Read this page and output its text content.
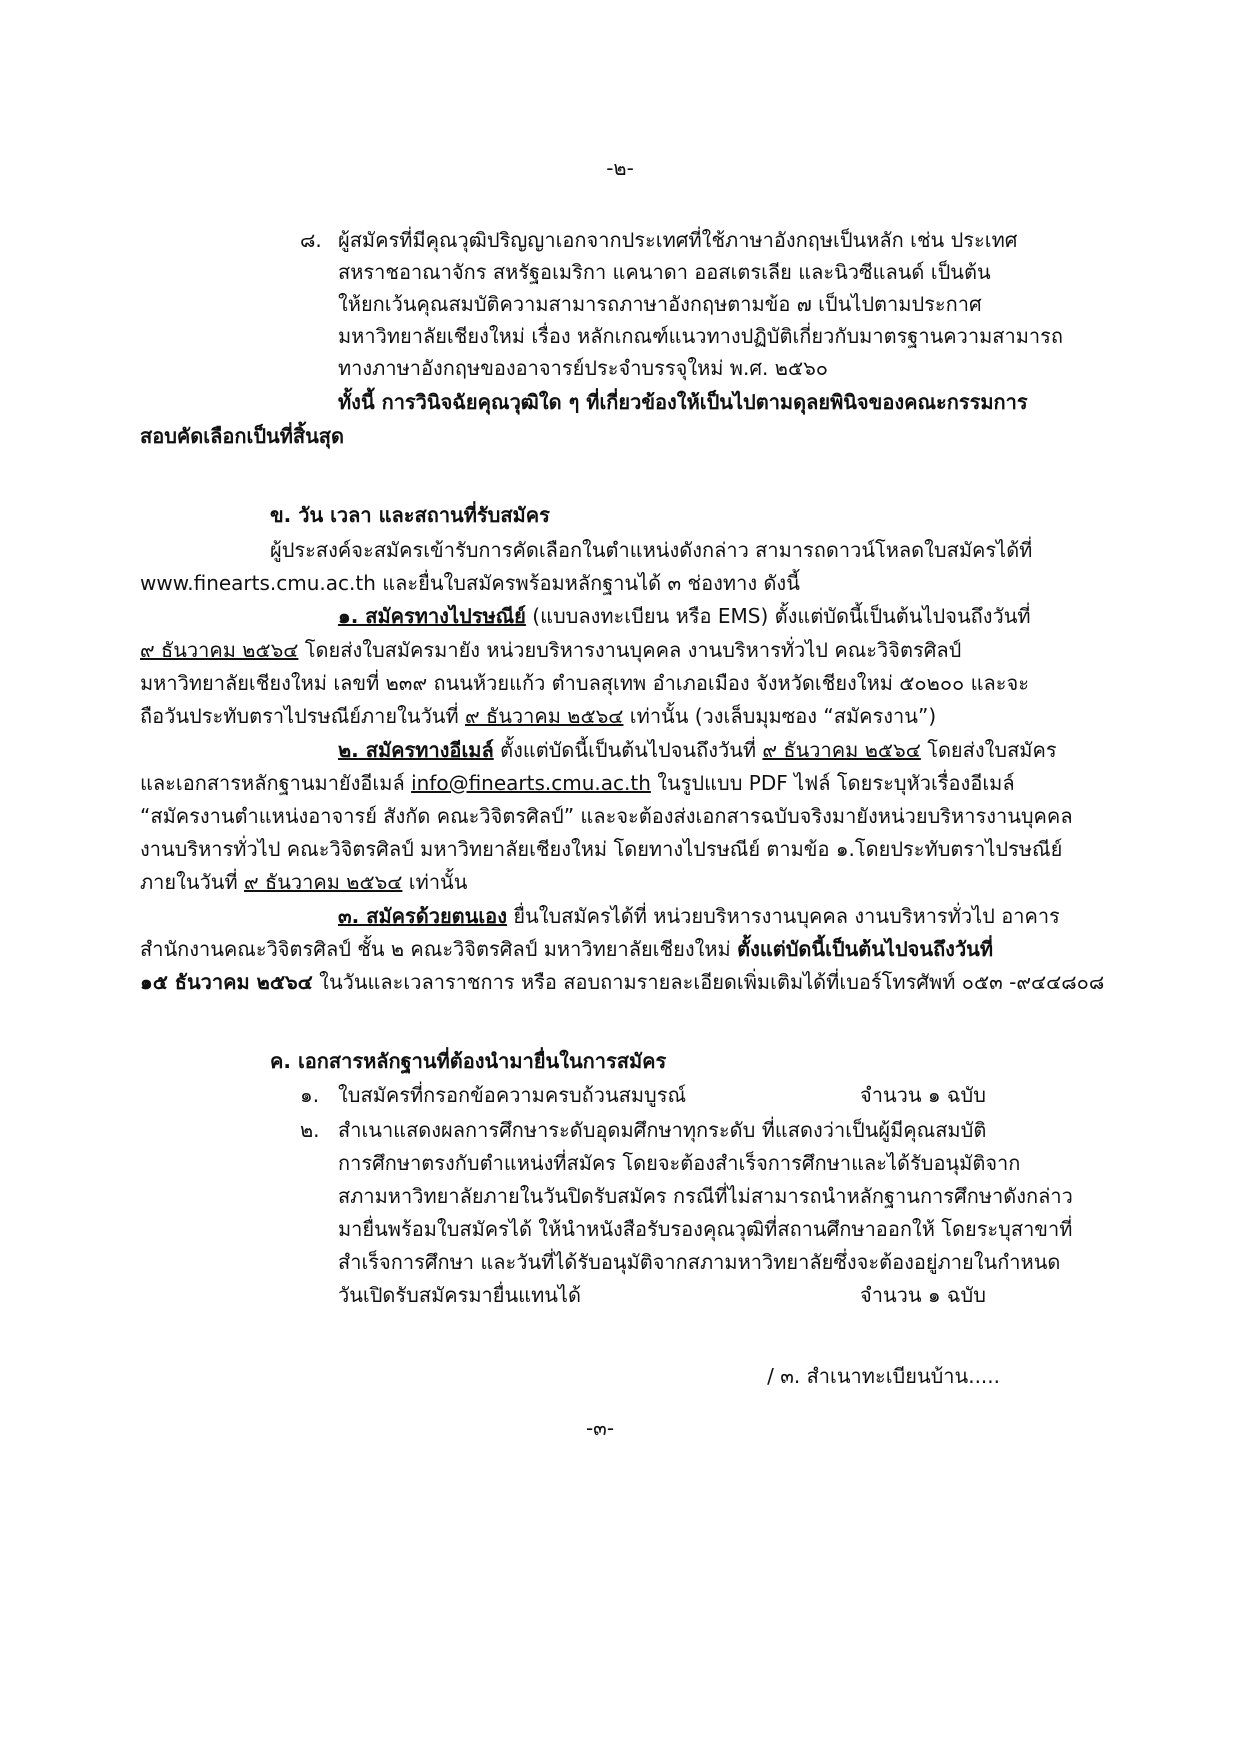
-๒-
๘. ผู้สมัครที่มีคุณวุฒิปริญญาเอกจากประเทศที่ใช้ภาษาอังกฤษเป็นหลัก เช่น ประเทศ
สหราชอาณาจักร สหรัฐอเมริกา แคนาดา ออสเตรเลีย และนิวซีแลนด์ เป็นต้น
ให้ยกเว้นคุณสมบัติความสามารถภาษาอังกฤษตามข้อ ๗ เป็นไปตามประกาศ
มหาวิทยาลัยเชียงใหม่ เรื่อง หลักเกณฑ์แนวทางปฏิบัติเกี่ยวกับมาตรฐานความสามารถ
ทางภาษาอังกฤษของอาจารย์ประจำบรรจุใหม่ พ.ศ. ๒๕๖๐
ทั้งนี้ การวินิจฉัยคุณวุฒิใด ๆ ที่เกี่ยวข้องให้เป็นไปตามดุลยพินิจของคณะกรรมการ
สอบคัดเลือกเป็นที่สิ้นสุด
ข. วัน เวลา และสถานที่รับสมัคร
ผู้ประสงค์จะสมัครเข้ารับการคัดเลือกในตำแหน่งดังกล่าว สามารถดาวน์โหลดใบสมัครได้ที่
www.finearts.cmu.ac.th และยื่นใบสมัครพร้อมหลักฐานได้ ๓ ช่องทาง ดังนี้
๑. สมัครทางไปรษณีย์ (แบบลงทะเบียน หรือ EMS) ตั้งแต่บัดนี้เป็นต้นไปจนถึงวันที่
๙ ธันวาคม ๒๕๖๔ โดยส่งใบสมัครมายัง หน่วยบริหารงานบุคคล งานบริหารทั่วไป คณะวิจิตรศิลป์
มหาวิทยาลัยเชียงใหม่ เลขที่ ๒๓๙ ถนนห้วยแก้ว ตำบลสุเทพ อำเภอเมือง จังหวัดเชียงใหม่ ๕๐๒๐๐ และจะ
ถือวันประทับตราไปรษณีย์ภายในวันที่ ๙ ธันวาคม ๒๕๖๔ เท่านั้น (วงเล็บมุมซอง “สมัครงาน”)
๒. สมัครทางอีเมล์ ตั้งแต่บัดนี้เป็นต้นไปจนถึงวันที่ ๙ ธันวาคม ๒๕๖๔ โดยส่งใบสมัคร
และเอกสารหลักฐานมายังอีเมล์ info@finearts.cmu.ac.th ในรูปแบบ PDF ไฟล์ โดยระบุหัวเรื่องอีเมล์
“สมัครงานตำแหน่งอาจารย์ สังกัด คณะวิจิตรศิลป์” และจะต้องส่งเอกสารฉบับจริงมายังหน่วยบริหารงานบุคคล
งานบริหารทั่วไป คณะวิจิตรศิลป์ มหาวิทยาลัยเชียงใหม่ โดยทางไปรษณีย์ ตามข้อ ๑.โดยประทับตราไปรษณีย์
ภายในวันที่ ๙ ธันวาคม ๒๕๖๔ เท่านั้น
๓. สมัครด้วยตนเอง ยื่นใบสมัครได้ที่ หน่วยบริหารงานบุคคล งานบริหารทั่วไป อาคาร
สำนักงานคณะวิจิตรศิลป์ ชั้น ๒ คณะวิจิตรศิลป์ มหาวิทยาลัยเชียงใหม่ ตั้งแต่บัดนี้เป็นต้นไปจนถึงวันที่
๑๕ ธันวาคม ๒๕๖๔ ในวันและเวลาราชการ หรือ สอบถามรายละเอียดเพิ่มเติมได้ที่เบอร์โทรศัพท์ ๐๕๓ -๙๔๔๘๐๘
ค. เอกสารหลักฐานที่ต้องนำมายื่นในการสมัคร
๑. ใบสมัครที่กรอกข้อความครบถ้วนสมบูรณ์	จำนวน ๑ ฉบับ
๒. สำเนาแสดงผลการศึกษาระดับอุดมศึกษาทุกระดับ ที่แสดงว่าเป็นผู้มีคุณสมบัติ
การศึกษาตรงกับตำแหน่งที่สมัคร โดยจะต้องสำเร็จการศึกษาและได้รับอนุมัติจาก
สภามหาวิทยาลัยภายในวันปิดรับสมัคร กรณีที่ไม่สามารถนำหลักฐานการศึกษาดังกล่าว
มายื่นพร้อมใบสมัครได้ ให้นำหนังสือรับรองคุณวุฒิที่สถานศึกษาออกให้ โดยระบุสาขาที่
สำเร็จการศึกษา และวันที่ได้รับอนุมัติจากสภามหาวิทยาลัยซึ่งจะต้องอยู่ภายในกำหนด
วันเปิดรับสมัครมายื่นแทนได้	จำนวน ๑ ฉบับ
/ ๓. สำเนาทะเบียนบ้าน.....
-๓-
